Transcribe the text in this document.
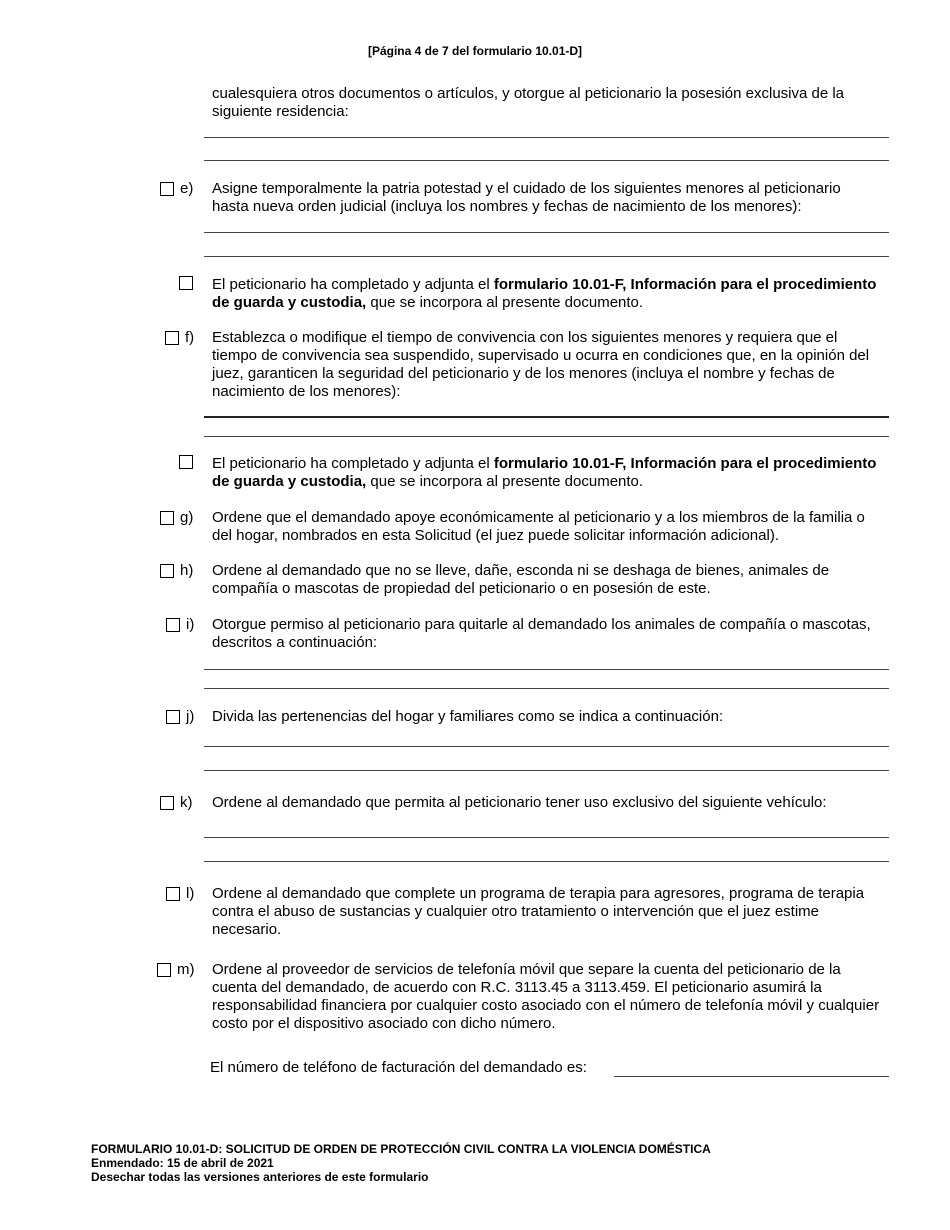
[Página 4 de 7 del formulario 10.01-D]
cualesquiera otros documentos o artículos, y otorgue al peticionario la posesión exclusiva de la siguiente residencia:
e) Asigne temporalmente la patria potestad y el cuidado de los siguientes menores al peticionario hasta nueva orden judicial (incluya los nombres y fechas de nacimiento de los menores):
El peticionario ha completado y adjunta el formulario 10.01-F, Información para el procedimiento de guarda y custodia, que se incorpora al presente documento.
f) Establezca o modifique el tiempo de convivencia con los siguientes menores y requiera que el tiempo de convivencia sea suspendido, supervisado u ocurra en condiciones que, en la opinión del juez, garanticen la seguridad del peticionario y de los menores (incluya el nombre y fechas de nacimiento de los menores):
El peticionario ha completado y adjunta el formulario 10.01-F, Información para el procedimiento de guarda y custodia, que se incorpora al presente documento.
g) Ordene que el demandado apoye económicamente al peticionario y a los miembros de la familia o del hogar, nombrados en esta Solicitud (el juez puede solicitar información adicional).
h) Ordene al demandado que no se lleve, dañe, esconda ni se deshaga de bienes, animales de compañía o mascotas de propiedad del peticionario o en posesión de este.
i) Otorgue permiso al peticionario para quitarle al demandado los animales de compañía o mascotas, descritos a continuación:
j) Divida las pertenencias del hogar y familiares como se indica a continuación:
k) Ordene al demandado que permita al peticionario tener uso exclusivo del siguiente vehículo:
l) Ordene al demandado que complete un programa de terapia para agresores, programa de terapia contra el abuso de sustancias y cualquier otro tratamiento o intervención que el juez estime necesario.
m) Ordene al proveedor de servicios de telefonía móvil que separe la cuenta del peticionario de la cuenta del demandado, de acuerdo con R.C. 3113.45 a 3113.459. El peticionario asumirá la responsabilidad financiera por cualquier costo asociado con el número de telefonía móvil y cualquier costo por el dispositivo asociado con dicho número.
El número de teléfono de facturación del demandado es:
FORMULARIO 10.01-D: SOLICITUD DE ORDEN DE PROTECCIÓN CIVIL CONTRA LA VIOLENCIA DOMÉSTICA
Enmendado: 15 de abril de 2021
Desechar todas las versiones anteriores de este formulario
